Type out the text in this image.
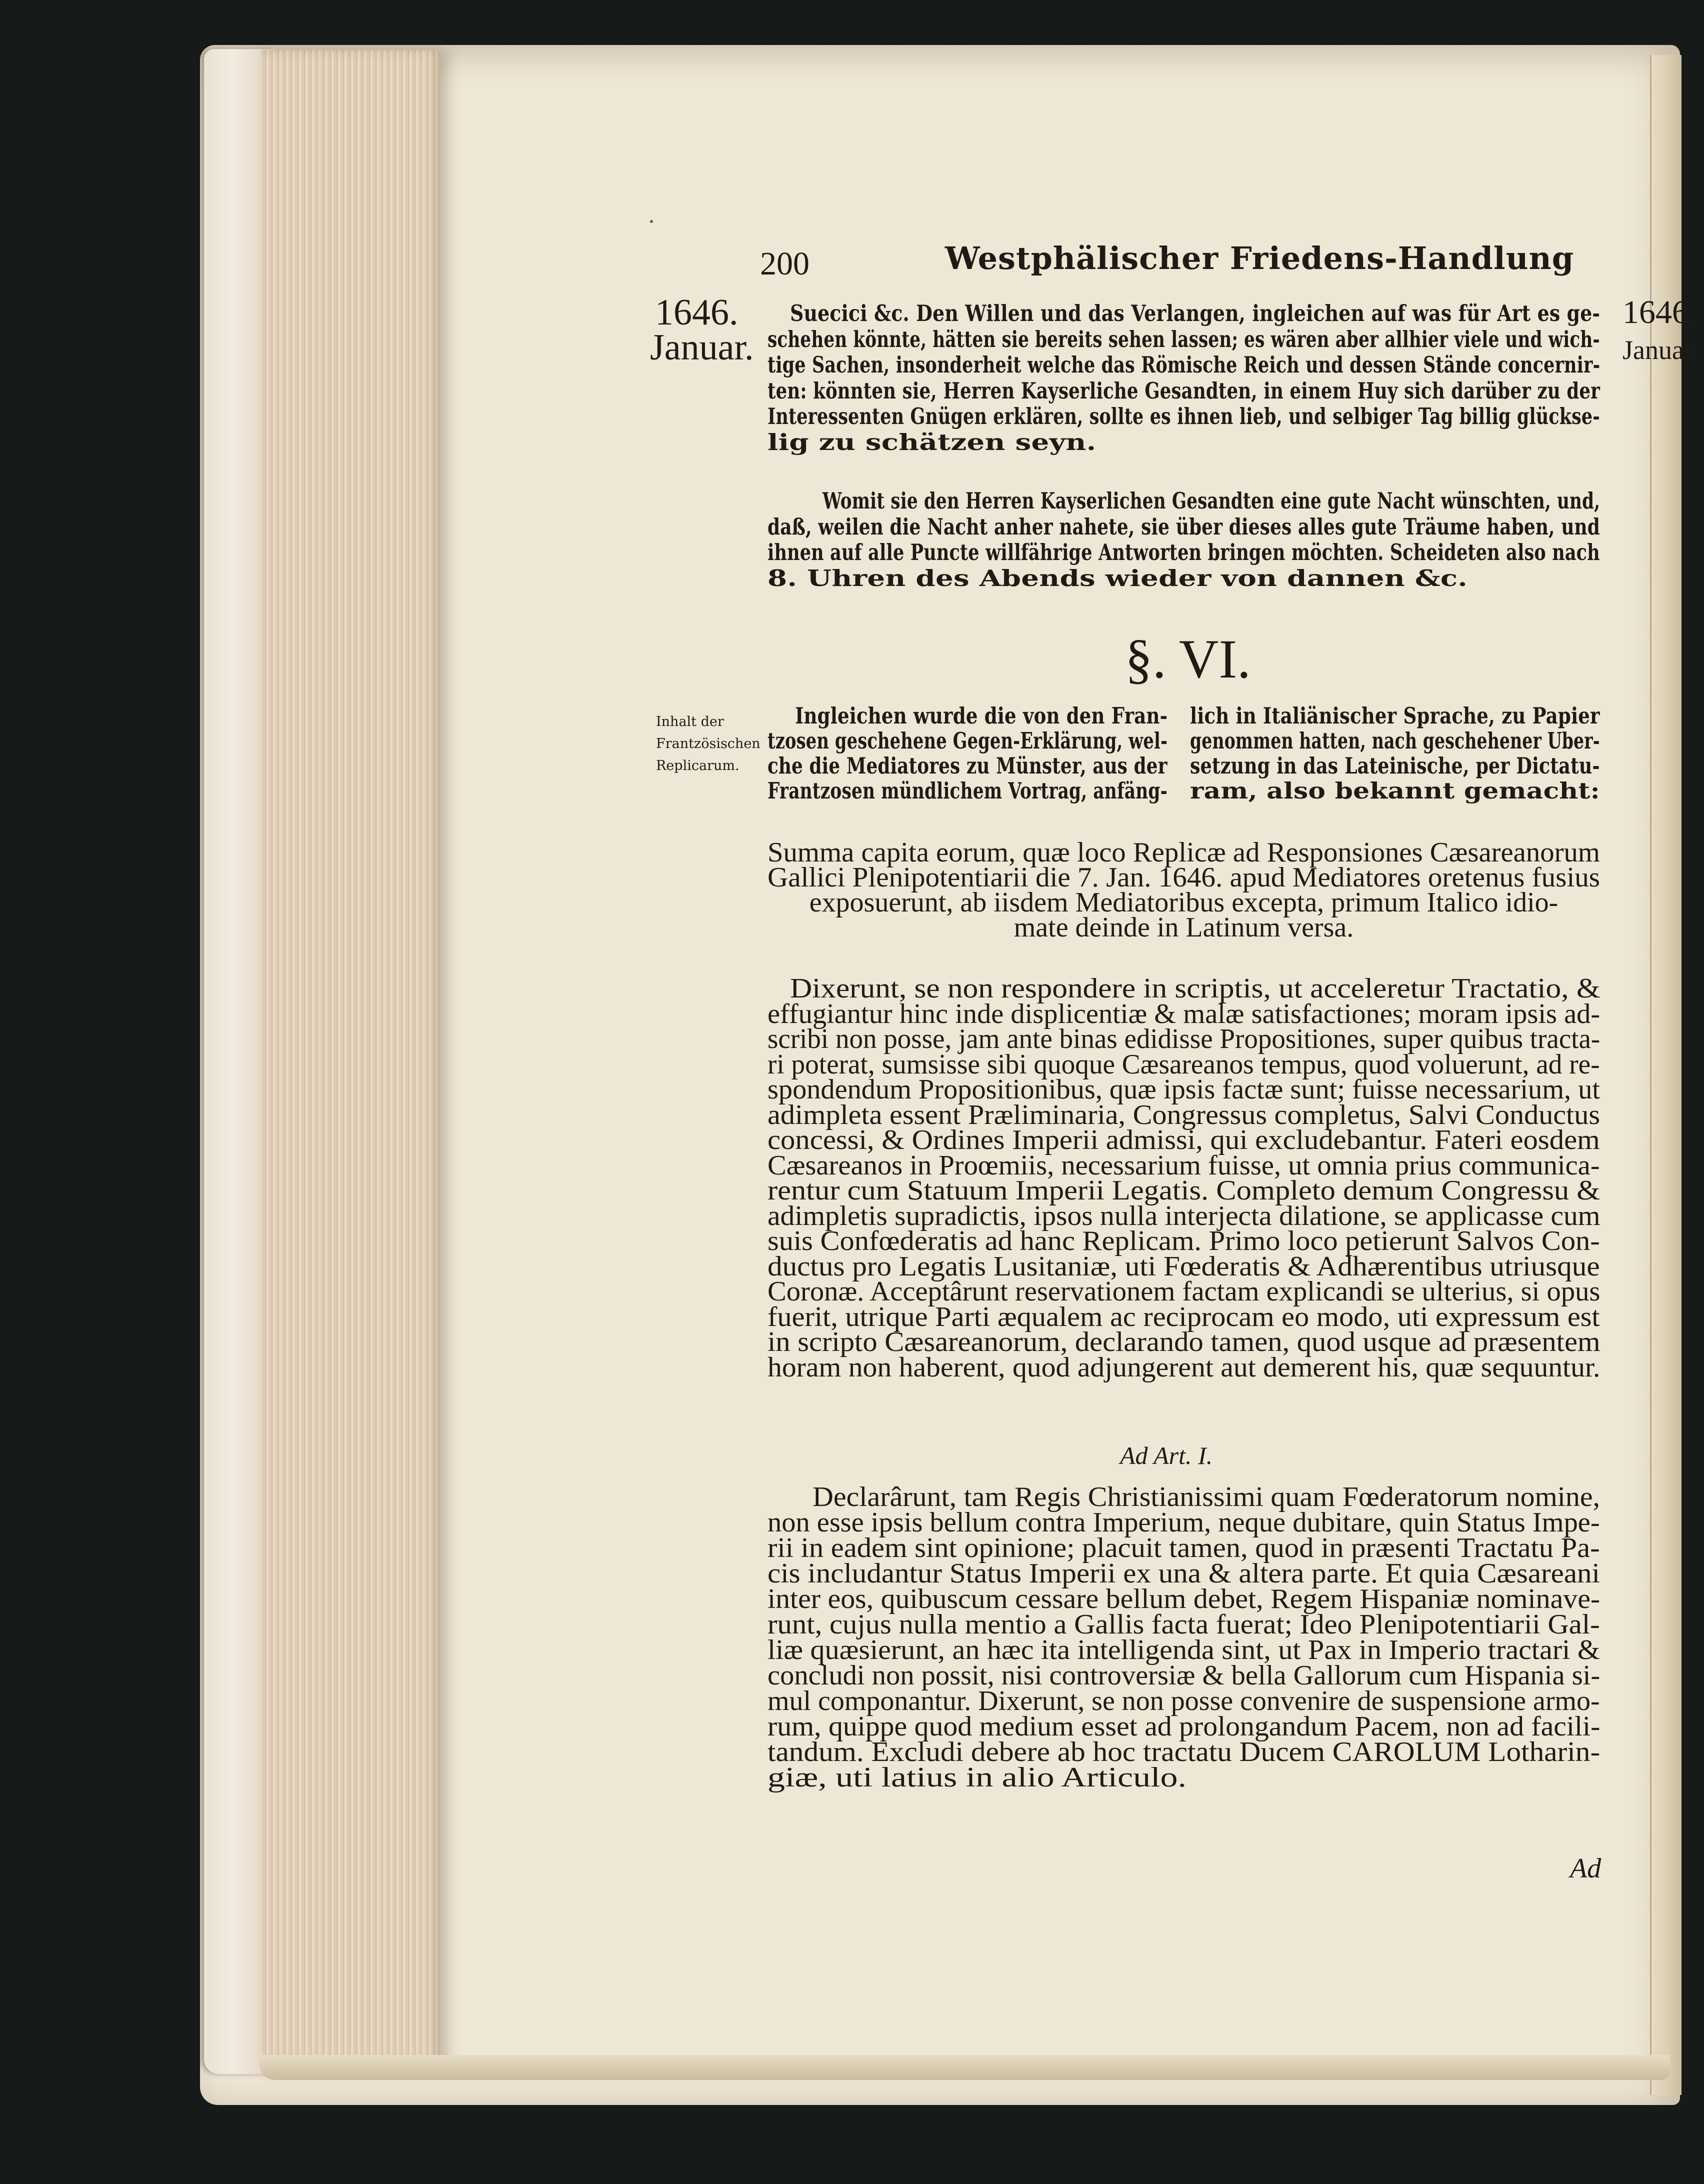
200	Westphälischer Friedens-Handlung
1646.
Januar.
1646.
Januar.
Suecici &c. Den Willen und das Verlangen, ingleichen auf was für Art es ge-
schehen könnte, hätten sie bereits sehen lassen; es wären aber allhier viele und wich-
tige Sachen, insonderheit welche das Römische Reich und dessen Stände concernir-
ten: könnten sie, Herren Kayserliche Gesandten, in einem Huy sich darüber zu der
Interessenten Gnügen erklären, sollte es ihnen lieb, und selbiger Tag billig glückse-
lig zu schätzen seyn.
Womit sie den Herren Kayserlichen Gesandten eine gute Nacht wünschten, und,
daß, weilen die Nacht anher nahete, sie über dieses alles gute Träume haben, und
ihnen auf alle Puncte willfährige Antworten bringen möchten. Scheideten also nach
8. Uhren des Abends wieder von dannen &c.
§. VI.
Inhalt der
Frantzösischen
Replicarum.
Ingleichen wurde die von den Fran-
tzosen geschehene Gegen-Erklärung, wel-
che die Mediatores zu Münster, aus der
Frantzosen mündlichem Vortrag, anfäng-
lich in Italiänischer Sprache, zu Papier
genommen hatten, nach geschehener Uber-
setzung in das Lateinische, per Dictatu-
ram, also bekannt gemacht:
Summa capita eorum, quæ loco Replicæ ad Responsiones Cæsareanorum
Gallici Plenipotentiarii die 7. Jan. 1646. apud Mediatores oretenus fusius
exposuerunt, ab iisdem Mediatoribus excepta, primum Italico idio-
mate deinde in Latinum versa.
Dixerunt, se non respondere in scriptis, ut acceleretur Tractatio, &
effugiantur hinc inde displicentiæ & malæ satisfactiones; moram ipsis ad-
scribi non posse, jam ante binas edidisse Propositiones, super quibus tracta-
ri poterat, sumsisse sibi quoque Cæsareanos tempus, quod voluerunt, ad re-
spondendum Propositionibus, quæ ipsis factæ sunt; fuisse necessarium, ut
adimpleta essent Præliminaria, Congressus completus, Salvi Conductus
concessi, & Ordines Imperii admissi, qui excludebantur. Fateri eosdem
Cæsareanos in Proœmiis, necessarium fuisse, ut omnia prius communica-
rentur cum Statuum Imperii Legatis. Completo demum Congressu &
adimpletis supradictis, ipsos nulla interjecta dilatione, se applicasse cum
suis Confœderatis ad hanc Replicam. Primo loco petierunt Salvos Con-
ductus pro Legatis Lusitaniæ, uti Fœderatis & Adhærentibus utriusque
Coronæ. Acceptârunt reservationem factam explicandi se ulterius, si opus
fuerit, utrique Parti æqualem ac reciprocam eo modo, uti expressum est
in scripto Cæsareanorum, declarando tamen, quod usque ad præsentem
horam non haberent, quod adjungerent aut demerent his, quæ sequuntur.
Ad Art. I.
Declarârunt, tam Regis Christianissimi quam Fœderatorum nomine,
non esse ipsis bellum contra Imperium, neque dubitare, quin Status Impe-
rii in eadem sint opinione; placuit tamen, quod in præsenti Tractatu Pa-
cis includantur Status Imperii ex una & altera parte. Et quia Cæsareani
inter eos, quibuscum cessare bellum debet, Regem Hispaniæ nominave-
runt, cujus nulla mentio a Gallis facta fuerat; Ideo Plenipotentiarii Gal-
liæ quæsierunt, an hæc ita intelligenda sint, ut Pax in Imperio tractari &
concludi non possit, nisi controversiæ & bella Gallorum cum Hispania si-
mul componantur. Dixerunt, se non posse convenire de suspensione armo-
rum, quippe quod medium esset ad prolongandum Pacem, non ad facili-
tandum. Excludi debere ab hoc tractatu Ducem CAROLUM Lotharin-
giæ, uti latius in alio Articulo.
Ad
